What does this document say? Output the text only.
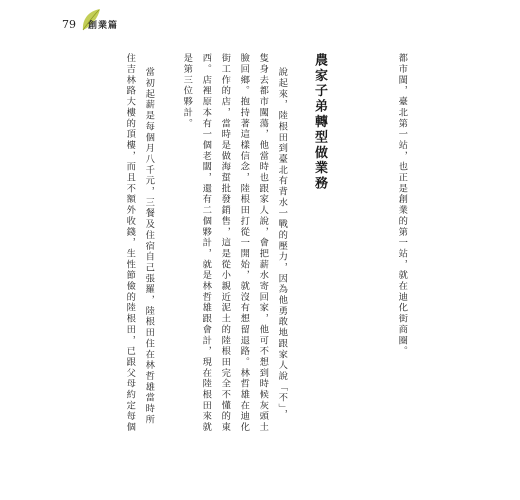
79 創業篇
都市閩，臺北第一站，也正是創業的第一站，就在迪化街商圈。
農家子弟轉型做業務
說起來，陸根田到臺北有背水一戰的壓力，因為他勇敢地跟家人說「不」，
隻身去都市闖蕩，他當時也跟家人說，會把薪水寄回家，他可不想到時候灰頭土
臉回鄉。抱持著這樣信念，陸根田打從一開始，就沒有想留退路。林哲雄在迪化
街工作的店，當時是做海蜇批發銷售，這是從小親近泥土的陸根田完全不懂的東
西。店裡原本有一個老闆，還有二個夥計，就是林哲雄跟會計，現在陸根田來就
是第三位夥計。
當初起薪是每個月八千元，三餐及住宿自己張羅，陸根田住在林哲雄當時所
住吉林路大樓的頂樓，而且不額外收錢，生性節儉的陸根田，已跟父母約定每個
